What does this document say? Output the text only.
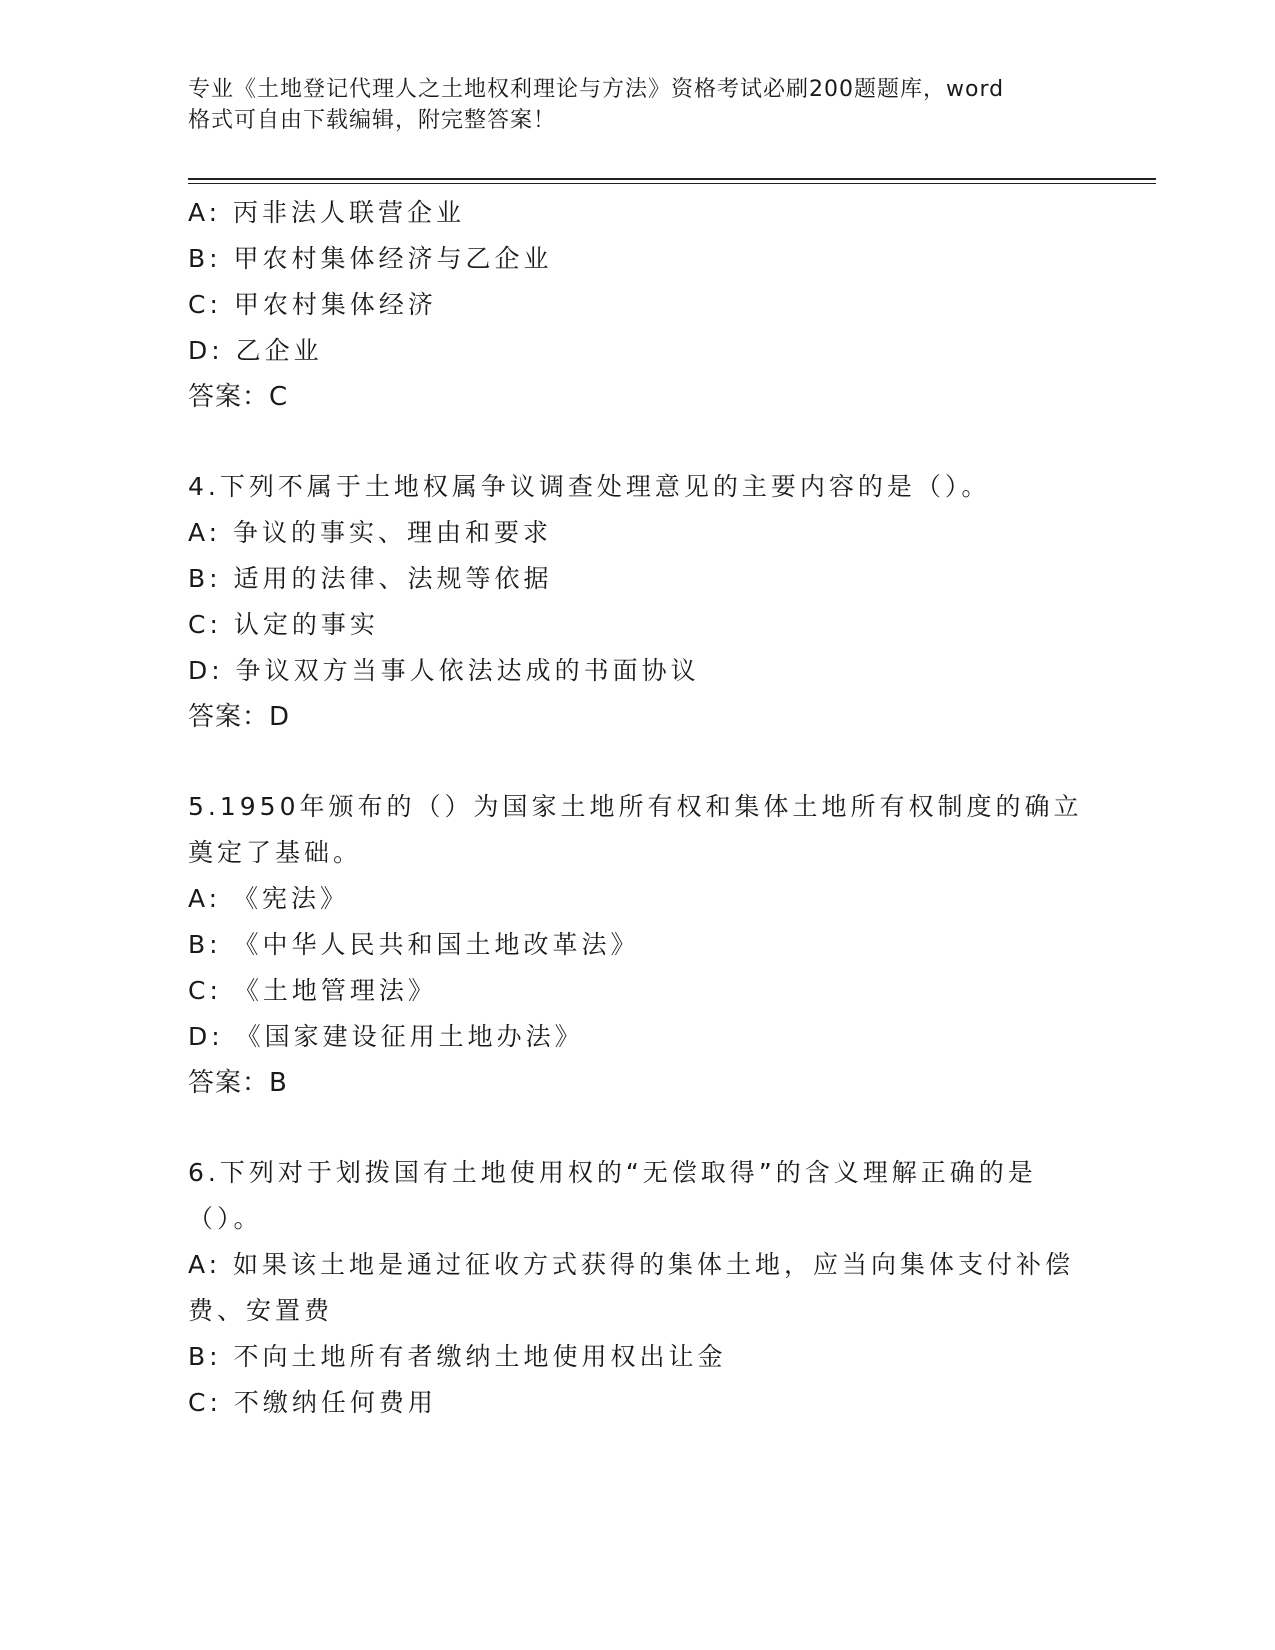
专业《土地登记代理人之土地权利理论与方法》资格考试必刷200题题库，word
格式可自由下载编辑，附完整答案！
A: 丙非法人联营企业
B: 甲农村集体经济与乙企业
C: 甲农村集体经济
D: 乙企业
答案：C
4.下列不属于土地权属争议调查处理意见的主要内容的是（）。
A: 争议的事实、理由和要求
B: 适用的法律、法规等依据
C: 认定的事实
D: 争议双方当事人依法达成的书面协议
答案：D
5.1950年颁布的（）为国家土地所有权和集体土地所有权制度的确立
奠定了基础。
A: 《宪法》
B: 《中华人民共和国土地改革法》
C: 《土地管理法》
D: 《国家建设征用土地办法》
答案：B
6.下列对于划拨国有土地使用权的“无偿取得”的含义理解正确的是
（）。
A: 如果该土地是通过征收方式获得的集体土地，应当向集体支付补偿
费、安置费
B: 不向土地所有者缴纳土地使用权出让金
C: 不缴纳任何费用
